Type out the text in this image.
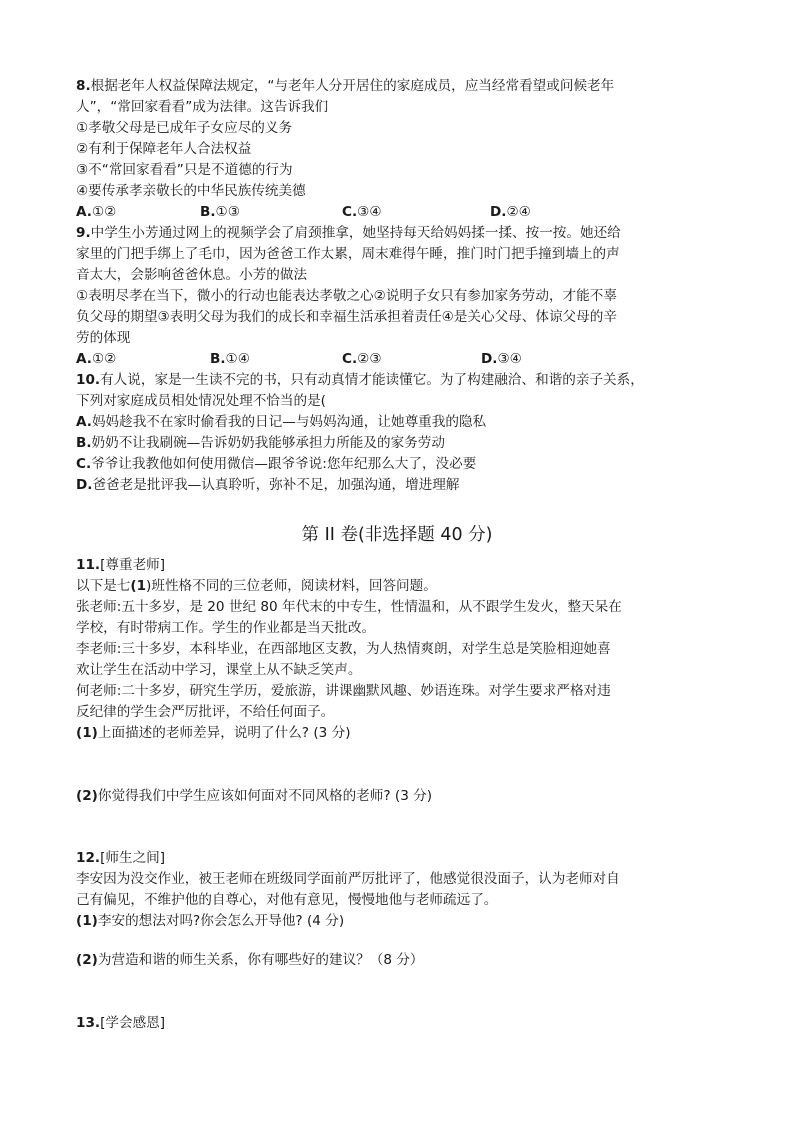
8.根据老年人权益保障法规定，“与老年人分开居住的家庭成员，应当经常看望或问候老年

人”，“常回家看看”成为法律。这告诉我们

①孝敬父母是已成年子女应尽的义务

②有利于保障老年人合法权益

③不“常回家看看”只是不道德的行为

④要传承孝亲敬长的中华民族传统美德

A.①②	B.①③	C.③④	D.②④

9.中学生小芳通过网上的视频学会了肩颈推拿，她坚持每天给妈妈揉一揉、按一按。她还给

家里的门把手绑上了毛巾，因为爸爸工作太累，周末难得午睡，推门时门把手撞到墙上的声

音太大，会影响爸爸休息。小芳的做法

①表明尽孝在当下，微小的行动也能表达孝敬之心②说明子女只有参加家务劳动，才能不辜

负父母的期望③表明父母为我们的成长和幸福生活承担着责任④是关心父母、体谅父母的辛

劳的体现

A.①②	B.①④	C.②③	D.③④

10.有人说，家是一生读不完的书，只有动真情才能读懂它。为了构建融洽、和谐的亲子关系，

下列对家庭成员相处情况处理不恰当的是(

A.妈妈趁我不在家时偷看我的日记—与妈妈沟通，让她尊重我的隐私

B.奶奶不让我刷碗—告诉奶奶我能够承担力所能及的家务劳动

C.爷爷让我教他如何使用微信—跟爷爷说:您年纪那么大了，没必要

D.爸爸老是批评我—认真聆听，弥补不足，加强沟通，增进理解

第 II 卷(非选择题 40 分)

11.[尊重老师]

以下是七(1)班性格不同的三位老师，阅读材料，回答问题。

张老师:五十多岁，是 20 世纪 80 年代末的中专生，性情温和，从不跟学生发火，整天呆在

学校，有时带病工作。学生的作业都是当天批改。

李老师:三十多岁，本科毕业，在西部地区支教，为人热情爽朗，对学生总是笑脸相迎她喜

欢让学生在活动中学习，课堂上从不缺乏笑声。

何老师:二十多岁，研究生学历，爱旅游，讲课幽默风趣、妙语连珠。对学生要求严格对违

反纪律的学生会严厉批评，不给任何面子。

(1)上面描述的老师差异，说明了什么? (3 分)

(2)你觉得我们中学生应该如何面对不同风格的老师? (3 分)

12.[师生之间]

李安因为没交作业，被王老师在班级同学面前严厉批评了，他感觉很没面子，认为老师对自

己有偏见，不维护他的自尊心，对他有意见，慢慢地他与老师疏远了。

(1)李安的想法对吗?你会怎么开导他? (4 分)

(2)为营造和谐的师生关系，你有哪些好的建议？（8 分）

13.[学会感恩]
